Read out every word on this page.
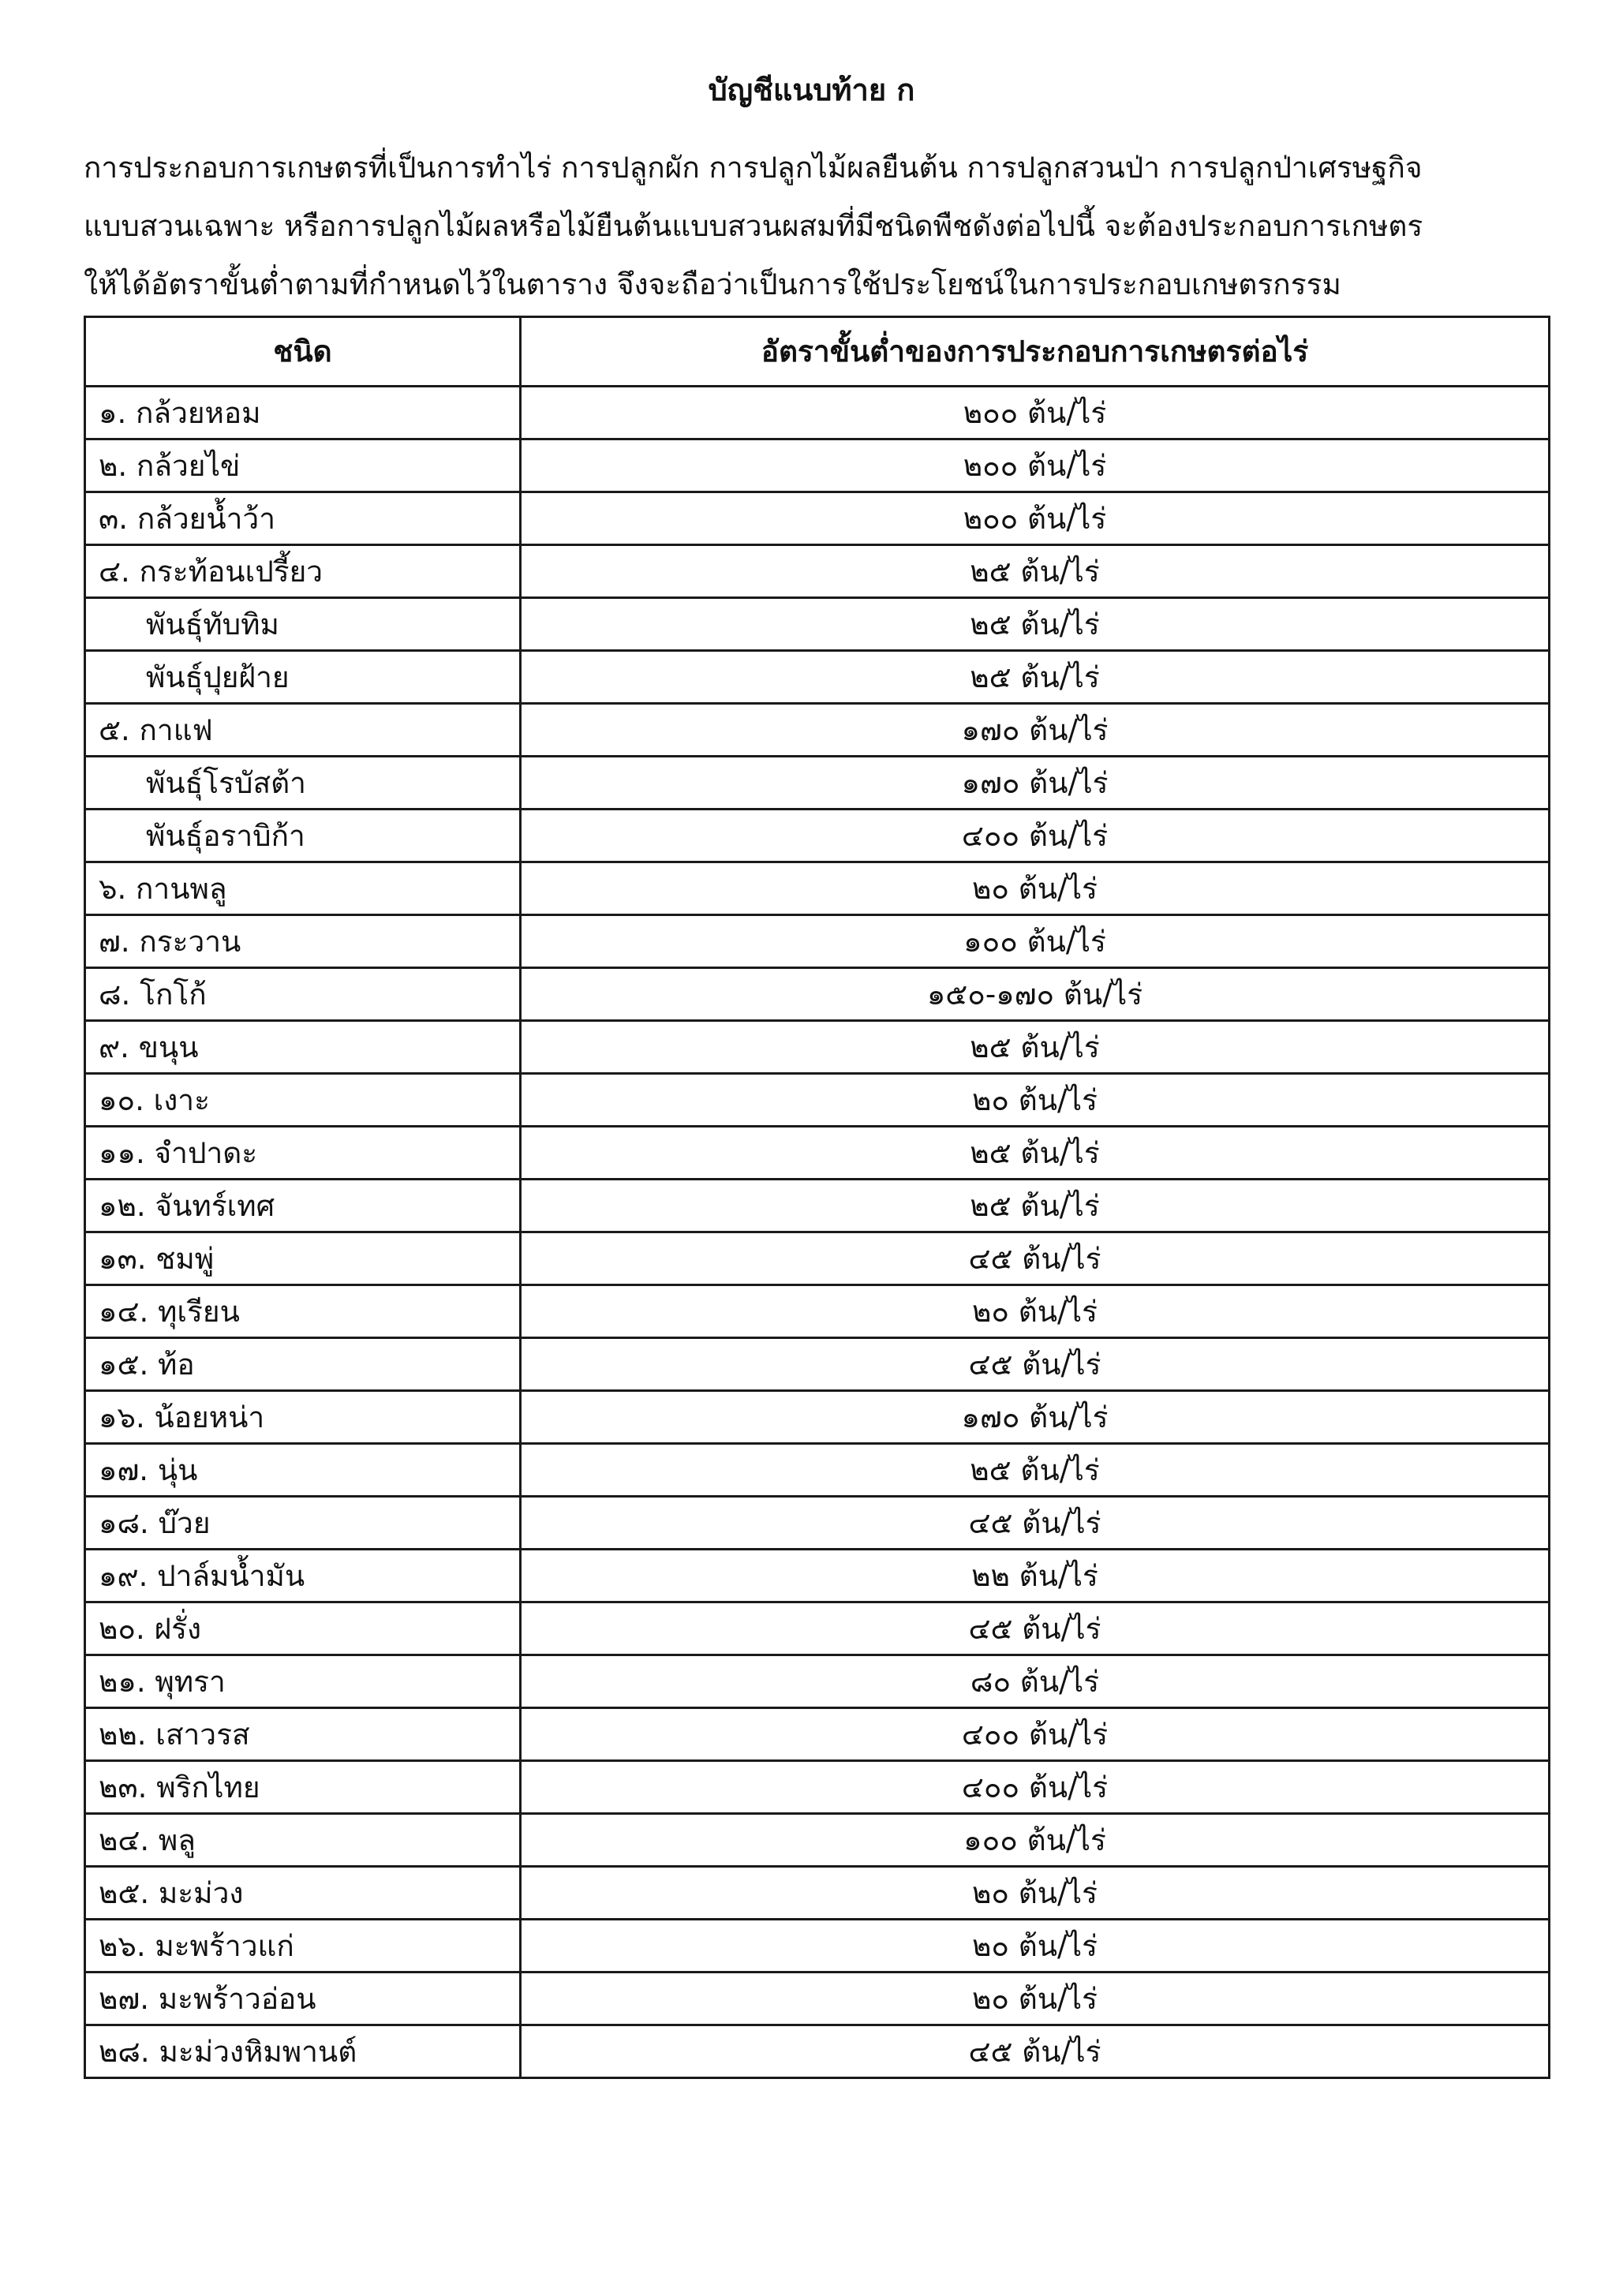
บัญชีแนบท้าย ก
การประกอบการเกษตรที่เป็นการทำไร่ การปลูกผัก การปลูกไม้ผลยืนต้น การปลูกสวนป่า การปลูกป่าเศรษฐกิจ
แบบสวนเฉพาะ หรือการปลูกไม้ผลหรือไม้ยืนต้นแบบสวนผสมที่มีชนิดพืชดังต่อไปนี้ จะต้องประกอบการเกษตร
ให้ได้อัตราขั้นต่ำตามที่กำหนดไว้ในตาราง จึงจะถือว่าเป็นการใช้ประโยชน์ในการประกอบเกษตรกรรม
ชนิด	อัตราขั้นต่ำของการประกอบการเกษตรต่อไร่
๑. กล้วยหอม	๒๐๐ ต้น/ไร่
๒. กล้วยไข่	๒๐๐ ต้น/ไร่
๓. กล้วยน้ำว้า	๒๐๐ ต้น/ไร่
๔. กระท้อนเปรี้ยว	๒๕ ต้น/ไร่
พันธุ์ทับทิม	๒๕ ต้น/ไร่
พันธุ์ปุยฝ้าย	๒๕ ต้น/ไร่
๕. กาแฟ	๑๗๐ ต้น/ไร่
พันธุ์โรบัสต้า	๑๗๐ ต้น/ไร่
พันธุ์อราบิก้า	๔๐๐ ต้น/ไร่
๖. กานพลู	๒๐ ต้น/ไร่
๗. กระวาน	๑๐๐ ต้น/ไร่
๘. โกโก้	๑๕๐-๑๗๐ ต้น/ไร่
๙. ขนุน	๒๕ ต้น/ไร่
๑๐. เงาะ	๒๐ ต้น/ไร่
๑๑. จำปาดะ	๒๕ ต้น/ไร่
๑๒. จันทร์เทศ	๒๕ ต้น/ไร่
๑๓. ชมพู่	๔๕ ต้น/ไร่
๑๔. ทุเรียน	๒๐ ต้น/ไร่
๑๕. ท้อ	๔๕ ต้น/ไร่
๑๖. น้อยหน่า	๑๗๐ ต้น/ไร่
๑๗. นุ่น	๒๕ ต้น/ไร่
๑๘. บ๊วย	๔๕ ต้น/ไร่
๑๙. ปาล์มน้ำมัน	๒๒ ต้น/ไร่
๒๐. ฝรั่ง	๔๕ ต้น/ไร่
๒๑. พุทรา	๘๐ ต้น/ไร่
๒๒. เสาวรส	๔๐๐ ต้น/ไร่
๒๓. พริกไทย	๔๐๐ ต้น/ไร่
๒๔. พลู	๑๐๐ ต้น/ไร่
๒๕. มะม่วง	๒๐ ต้น/ไร่
๒๖. มะพร้าวแก่	๒๐ ต้น/ไร่
๒๗. มะพร้าวอ่อน	๒๐ ต้น/ไร่
๒๘. มะม่วงหิมพานต์	๔๕ ต้น/ไร่
